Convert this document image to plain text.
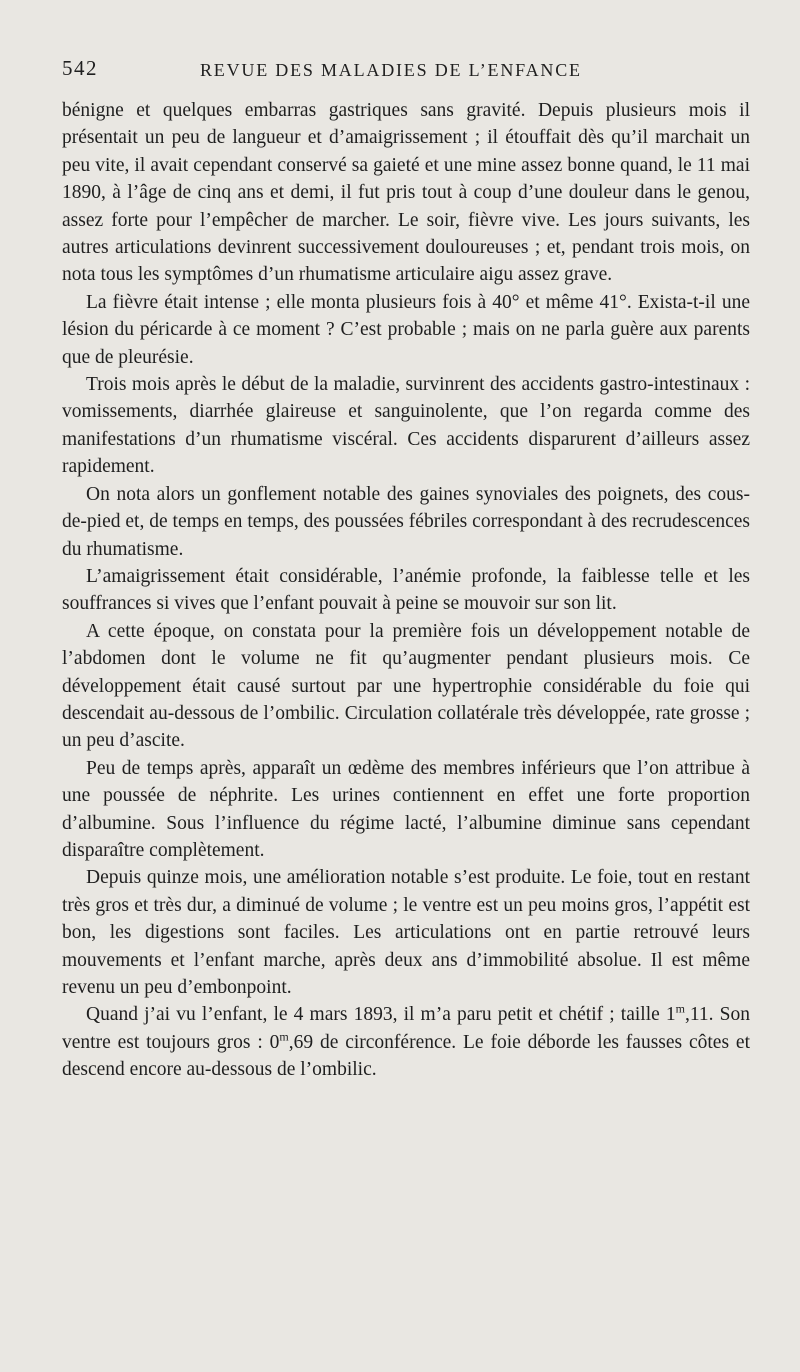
542	REVUE DES MALADIES DE L’ENFANCE

bénigne et quelques embarras gastriques sans gravité. Depuis plusieurs mois il présentait un peu de langueur et d’amaigrissement ; il étouffait dès qu’il marchait un peu vite, il avait cependant conservé sa gaieté et une mine assez bonne quand, le 11 mai 1890, à l’âge de cinq ans et demi, il fut pris tout à coup d’une douleur dans le genou, assez forte pour l’empêcher de marcher. Le soir, fièvre vive. Les jours suivants, les autres articulations devinrent successivement douloureuses ; et, pendant trois mois, on nota tous les symptômes d’un rhumatisme articulaire aigu assez grave.

La fièvre était intense ; elle monta plusieurs fois à 40° et même 41°. Exista-t-il une lésion du péricarde à ce moment ? C’est probable ; mais on ne parla guère aux parents que de pleurésie.

Trois mois après le début de la maladie, survinrent des accidents gastro-intestinaux : vomissements, diarrhée glaireuse et sanguinolente, que l’on regarda comme des manifestations d’un rhumatisme viscéral. Ces accidents disparurent d’ailleurs assez rapidement.

On nota alors un gonflement notable des gaines synoviales des poignets, des cous-de-pied et, de temps en temps, des poussées fébriles correspondant à des recrudescences du rhumatisme.

L’amaigrissement était considérable, l’anémie profonde, la faiblesse telle et les souffrances si vives que l’enfant pouvait à peine se mouvoir sur son lit.

A cette époque, on constata pour la première fois un développement notable de l’abdomen dont le volume ne fit qu’augmenter pendant plusieurs mois. Ce développement était causé surtout par une hypertrophie considérable du foie qui descendait au-dessous de l’ombilic. Circulation collatérale très développée, rate grosse ; un peu d’ascite.

Peu de temps après, apparaît un œdème des membres inférieurs que l’on attribue à une poussée de néphrite. Les urines contiennent en effet une forte proportion d’albumine. Sous l’influence du régime lacté, l’albumine diminue sans cependant disparaître complètement.

Depuis quinze mois, une amélioration notable s’est produite. Le foie, tout en restant très gros et très dur, a diminué de volume ; le ventre est un peu moins gros, l’appétit est bon, les digestions sont faciles. Les articulations ont en partie retrouvé leurs mouvements et l’enfant marche, après deux ans d’immobilité absolue. Il est même revenu un peu d’embonpoint.

Quand j’ai vu l’enfant, le 4 mars 1893, il m’a paru petit et chétif ; taille 1$^m$,11. Son ventre est toujours gros : 0$^m$,69 de circonférence. Le foie déborde les fausses côtes et descend encore au-dessous de l’ombilic.
